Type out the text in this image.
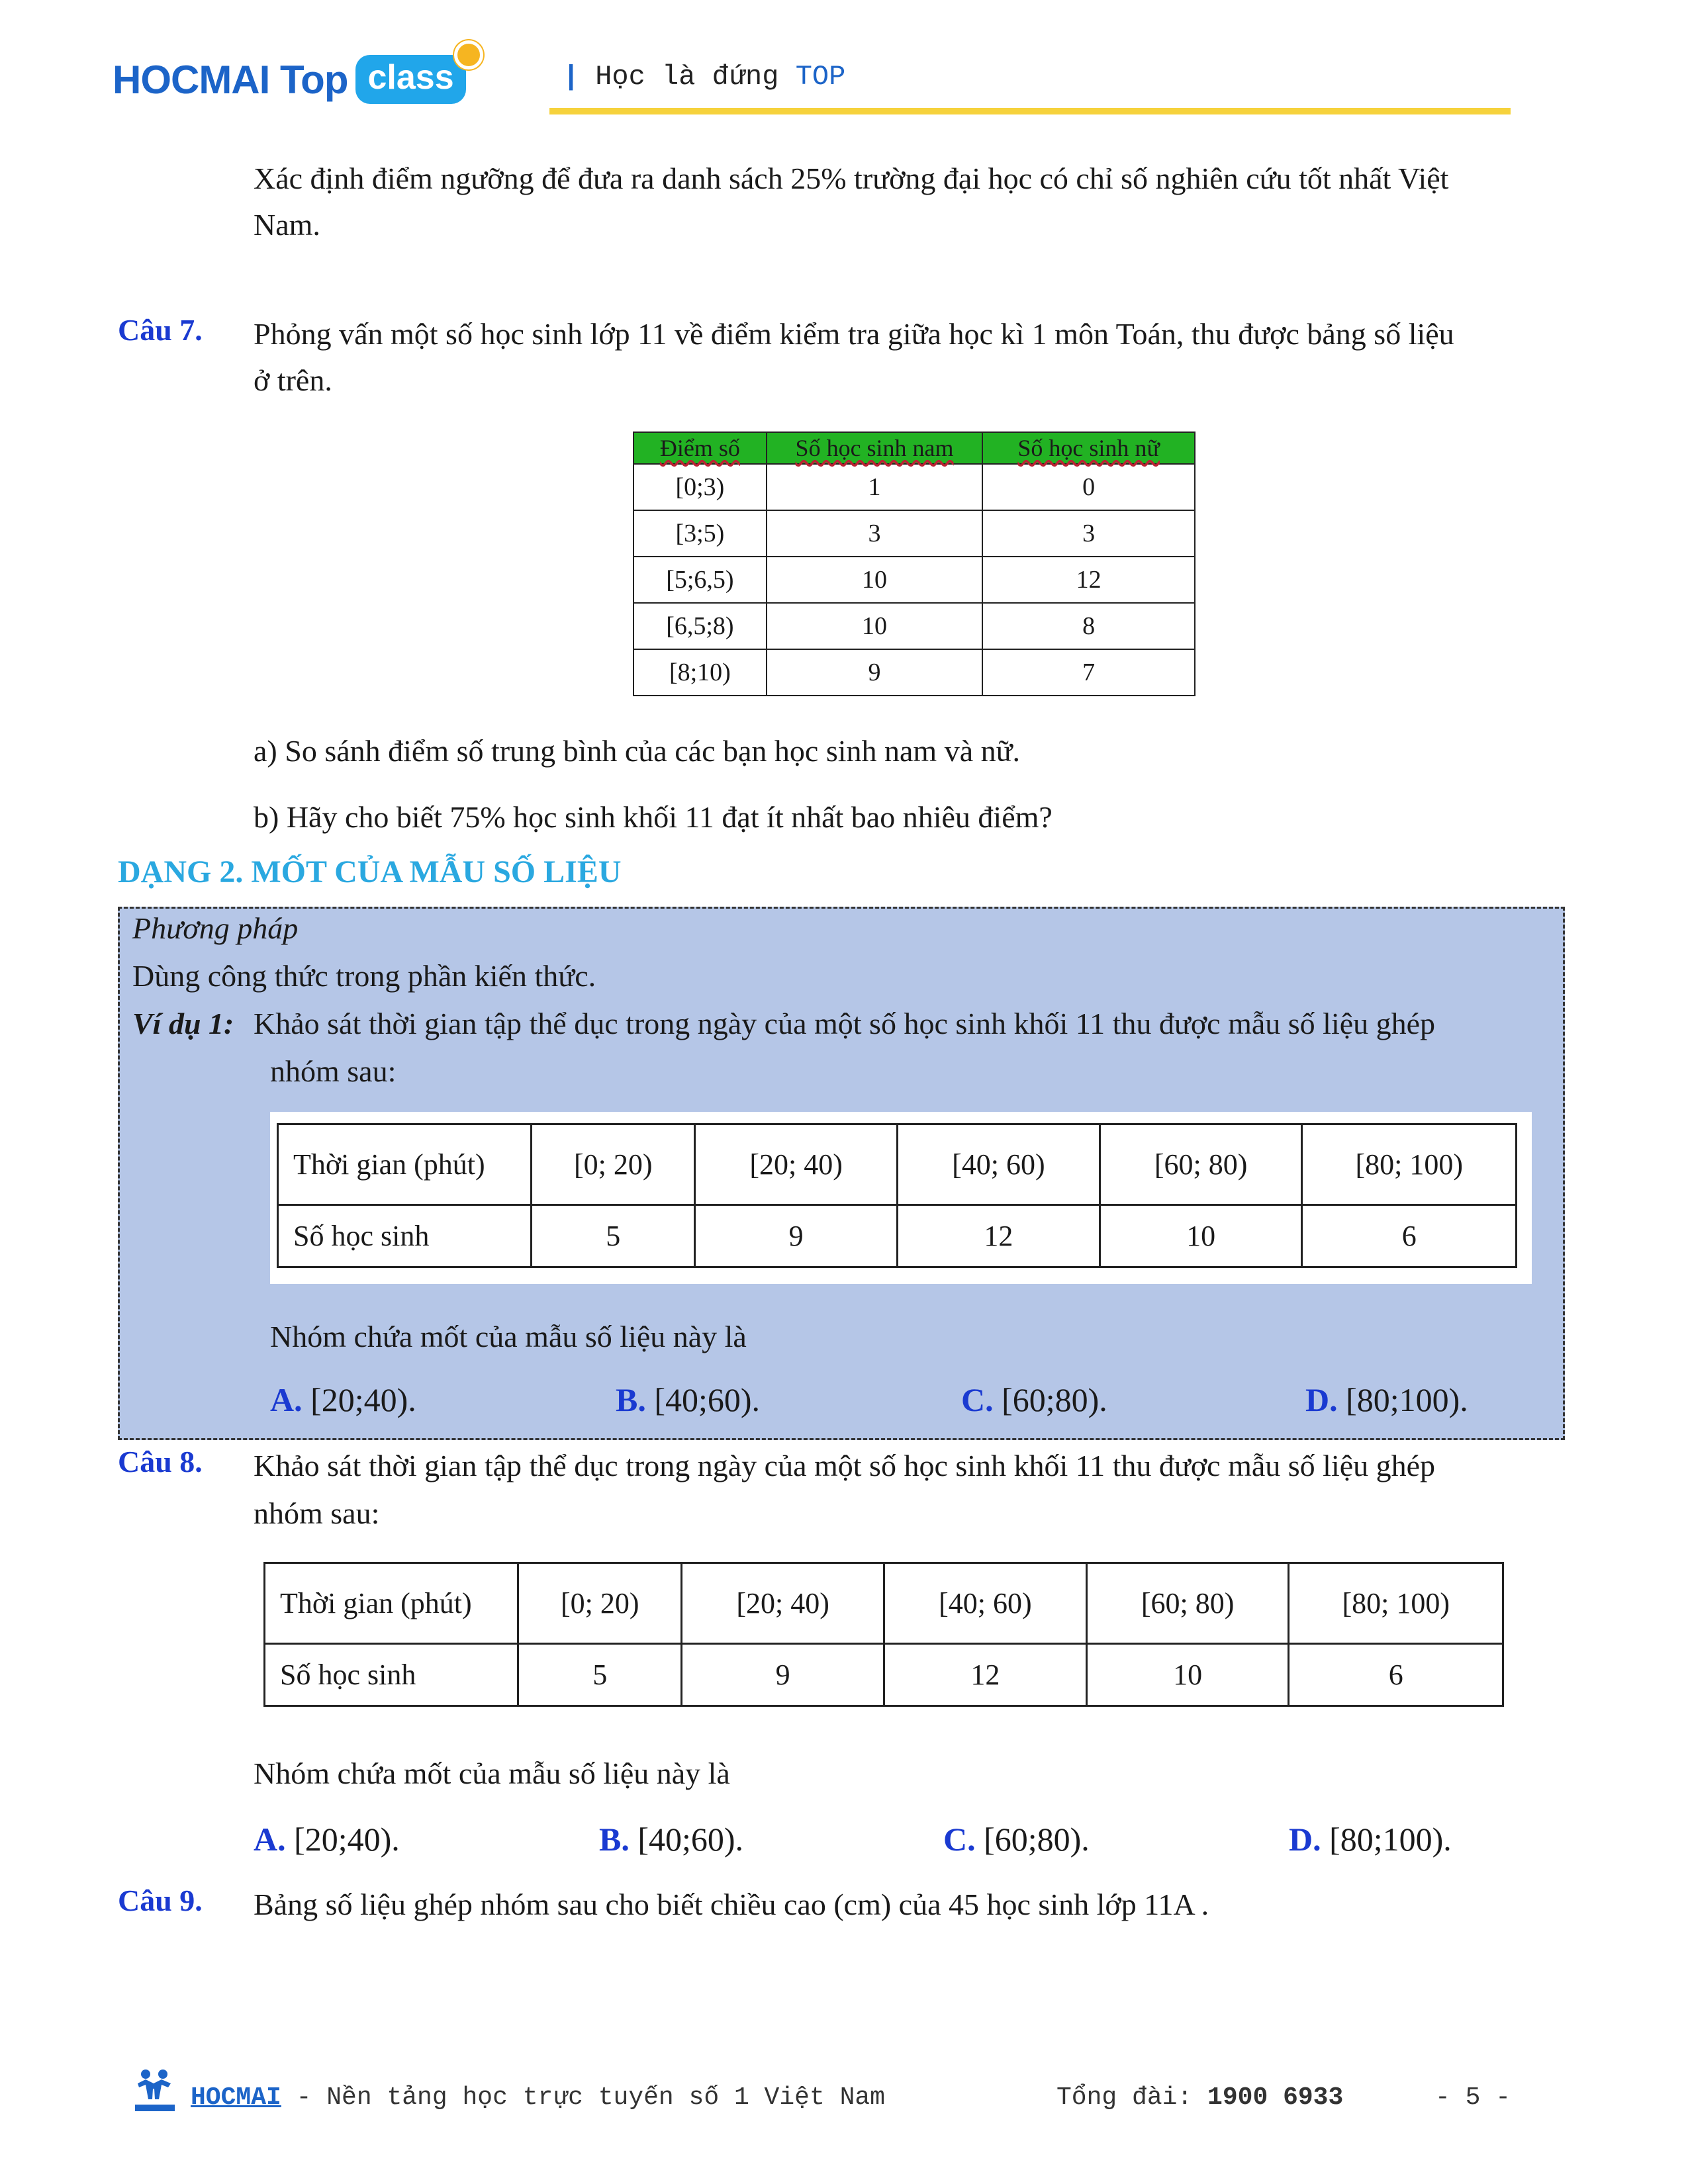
HOCMAI Top class	| Học là đứng TOP
Xác định điểm ngưỡng để đưa ra danh sách 25% trường đại học có chỉ số nghiên cứu tốt nhất Việt
Nam.
Câu 7. Phỏng vấn một số học sinh lớp 11 về điểm kiểm tra giữa học kì 1 môn Toán, thu được bảng số liệu
ở trên.
Điểm số	Số học sinh nam	Số học sinh nữ
[0;3)	1	0
[3;5)	3	3
[5;6,5)	10	12
[6,5;8)	10	8
[8;10)	9	7
a) So sánh điểm số trung bình của các bạn học sinh nam và nữ.
b) Hãy cho biết 75% học sinh khối 11 đạt ít nhất bao nhiêu điểm?
DẠNG 2. MỐT CỦA MẪU SỐ LIỆU
Phương pháp
Dùng công thức trong phần kiến thức.
Ví dụ 1: Khảo sát thời gian tập thể dục trong ngày của một số học sinh khối 11 thu được mẫu số liệu ghép
nhóm sau:
Thời gian (phút)	[0; 20)	[20; 40)	[40; 60)	[60; 80)	[80; 100)
Số học sinh	5	9	12	10	6
Nhóm chứa mốt của mẫu số liệu này là
A. [20;40).	B. [40;60).	C. [60;80).	D. [80;100).
Câu 8. Khảo sát thời gian tập thể dục trong ngày của một số học sinh khối 11 thu được mẫu số liệu ghép
nhóm sau:
Thời gian (phút)	[0; 20)	[20; 40)	[40; 60)	[60; 80)	[80; 100)
Số học sinh	5	9	12	10	6
Nhóm chứa mốt của mẫu số liệu này là
A. [20;40).	B. [40;60).	C. [60;80).	D. [80;100).
Câu 9. Bảng số liệu ghép nhóm sau cho biết chiều cao (cm) của 45 học sinh lớp 11A .
HOCMAI - Nền tảng học trực tuyến số 1 Việt Nam	Tổng đài: 1900 6933	- 5 -
